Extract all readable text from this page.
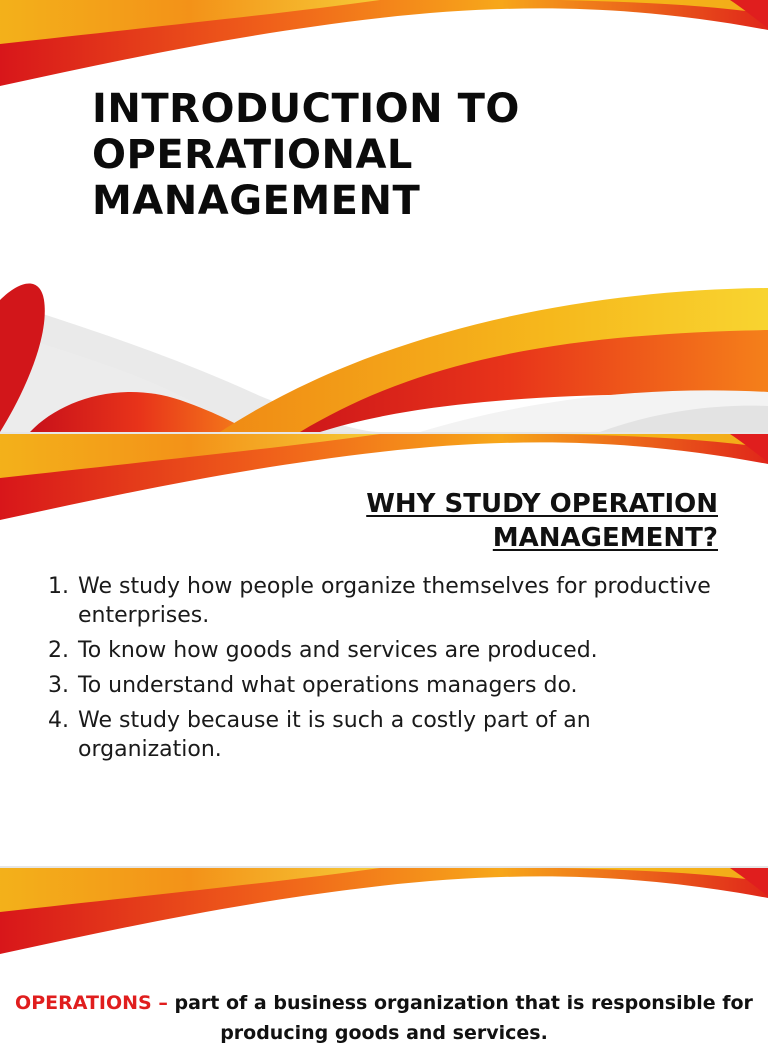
INTRODUCTION TO
OPERATIONAL
MANAGEMENT
WHY STUDY OPERATION
MANAGEMENT?
1. We study how people organize themselves for productive enterprises.
2. To know how goods and services are produced.
3. To understand what operations managers do.
4. We study because it is such a costly part of an organization.

OPERATIONS – part of a business organization that is responsible for producing goods and services.
